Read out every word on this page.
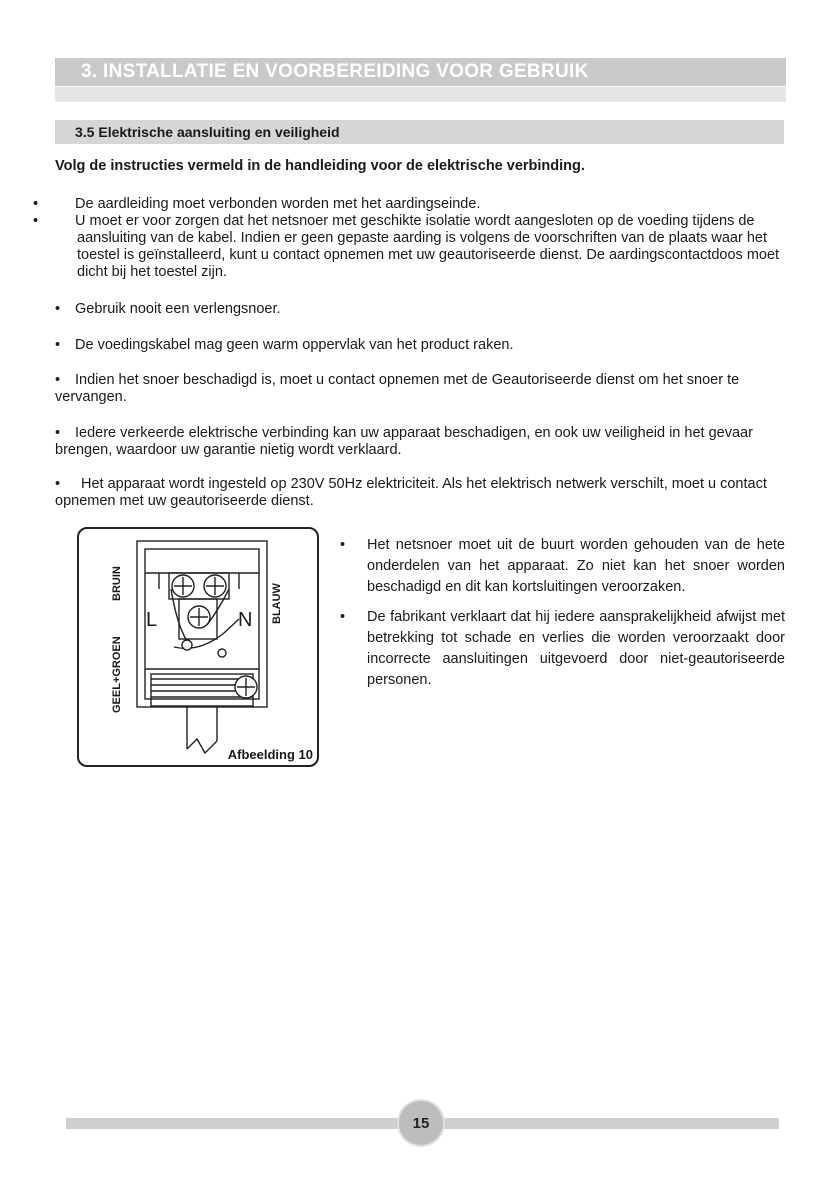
3. INSTALLATIE EN VOORBEREIDING VOOR GEBRUIK
3.5 Elektrische aansluiting en veiligheid
Volg de instructies vermeld in de handleiding voor de elektrische verbinding.
•	De aardleiding moet verbonden worden met het aardingseinde.
•	U moet er voor zorgen dat het netsnoer met geschikte isolatie wordt aangesloten op de voeding tijdens de aansluiting van de kabel. Indien er geen gepaste aarding is volgens de voorschriften van de plaats waar het toestel is geïnstalleerd, kunt u contact opnemen met uw geautoriseerde dienst. De aardingscontactdoos moet dicht bij het toestel zijn.
• Gebruik nooit een verlengsnoer.
• De voedingskabel mag geen warm oppervlak van het product raken.
• Indien het snoer beschadigd is, moet u contact opnemen met de Geautoriseerde dienst om het snoer te vervangen.
• Iedere verkeerde elektrische verbinding kan uw apparaat beschadigen, en ook uw veiligheid in het gevaar brengen, waardoor uw garantie nietig wordt verklaard.
• Het apparaat wordt ingesteld op 230V 50Hz elektriciteit. Als het elektrisch netwerk verschilt, moet u contact opnemen met uw geautoriseerde dienst.
L	N
BRUIN	BLAUW
GEEL+GROEN
Afbeelding 10
• Het netsnoer moet uit de buurt worden gehouden van de hete onderdelen van het apparaat. Zo niet kan het snoer worden beschadigd en dit kan kortsluitingen veroorzaken.
• De fabrikant verklaart dat hij iedere aansprakelijkheid afwijst met betrekking tot schade en verlies die worden veroorzaakt door incorrecte aansluitingen uitgevoerd door niet-geautoriseerde personen.
15
